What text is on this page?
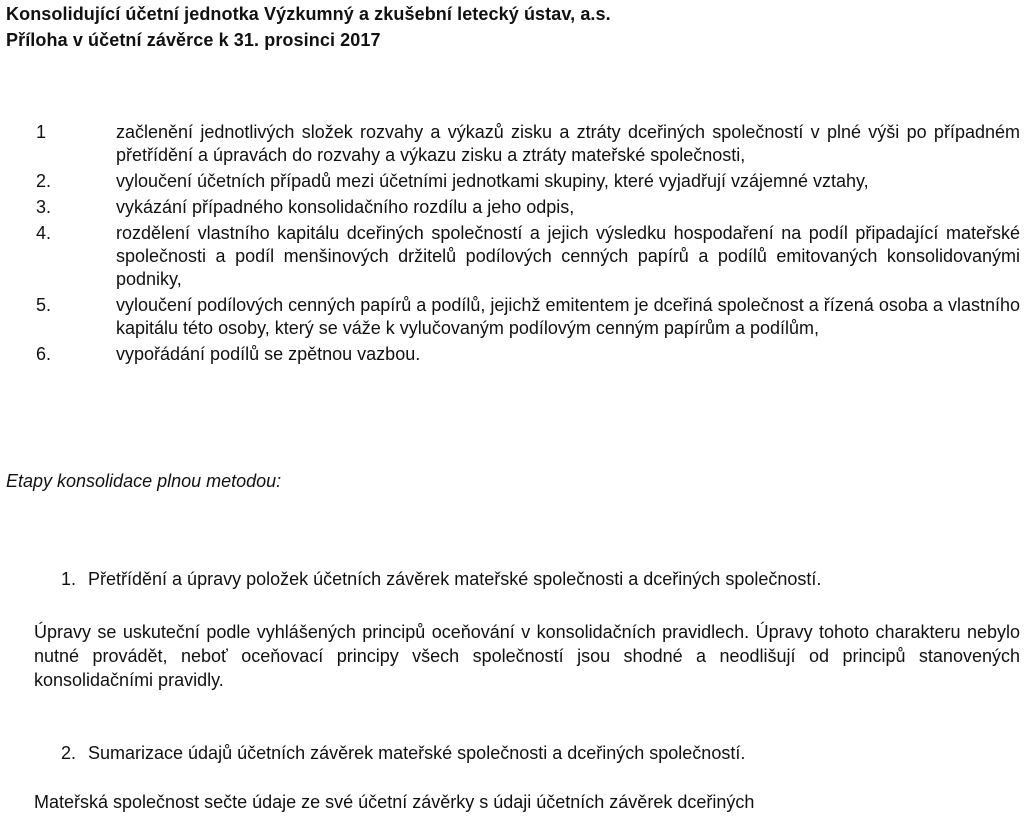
Konsolidující účetní jednotka Výzkumný a zkušební letecký ústav, a.s.
Příloha v účetní závěrce k 31. prosinci 2017
1	začlenění jednotlivých složek rozvahy a výkazů zisku a ztráty dceřiných společností v plné výši po případném přetřídění a úpravách do rozvahy a výkazu zisku a ztráty mateřské společnosti,
2.	vyloučení účetních případů mezi účetními jednotkami skupiny, které vyjadřují vzájemné vztahy,
3.	vykázání případného konsolidačního rozdílu a jeho odpis,
4.	rozdělení vlastního kapitálu dceřiných společností a jejich výsledku hospodaření na podíl připadající mateřské společnosti a podíl menšinových držitelů podílových cenných papírů a podílů emitovaných konsolidovanými podniky,
5.	vyloučení podílových cenných papírů a podílů, jejichž emitentem je dceřiná společnost a řízená osoba a vlastního kapitálu této osoby, který se váže k vylučovaným podílovým cenným papírům a podílům,
6.	vypořádání podílů se zpětnou vazbou.
Etapy konsolidace plnou metodou:
1. Přetřídění a úpravy položek účetních závěrek mateřské společnosti a dceřiných společností.
Úpravy se uskuteční podle vyhlášených principů oceňování v konsolidačních pravidlech. Úpravy tohoto charakteru nebylo nutné provádět, neboť oceňovací principy všech společností jsou shodné a neodlišují od principů stanovených konsolidačními pravidly.
2. Sumarizace údajů účetních závěrek mateřské společnosti a dceřiných společností.
Mateřská společnost sečte údaje ze své účetní závěrky s údaji účetních závěrek dceřiných
